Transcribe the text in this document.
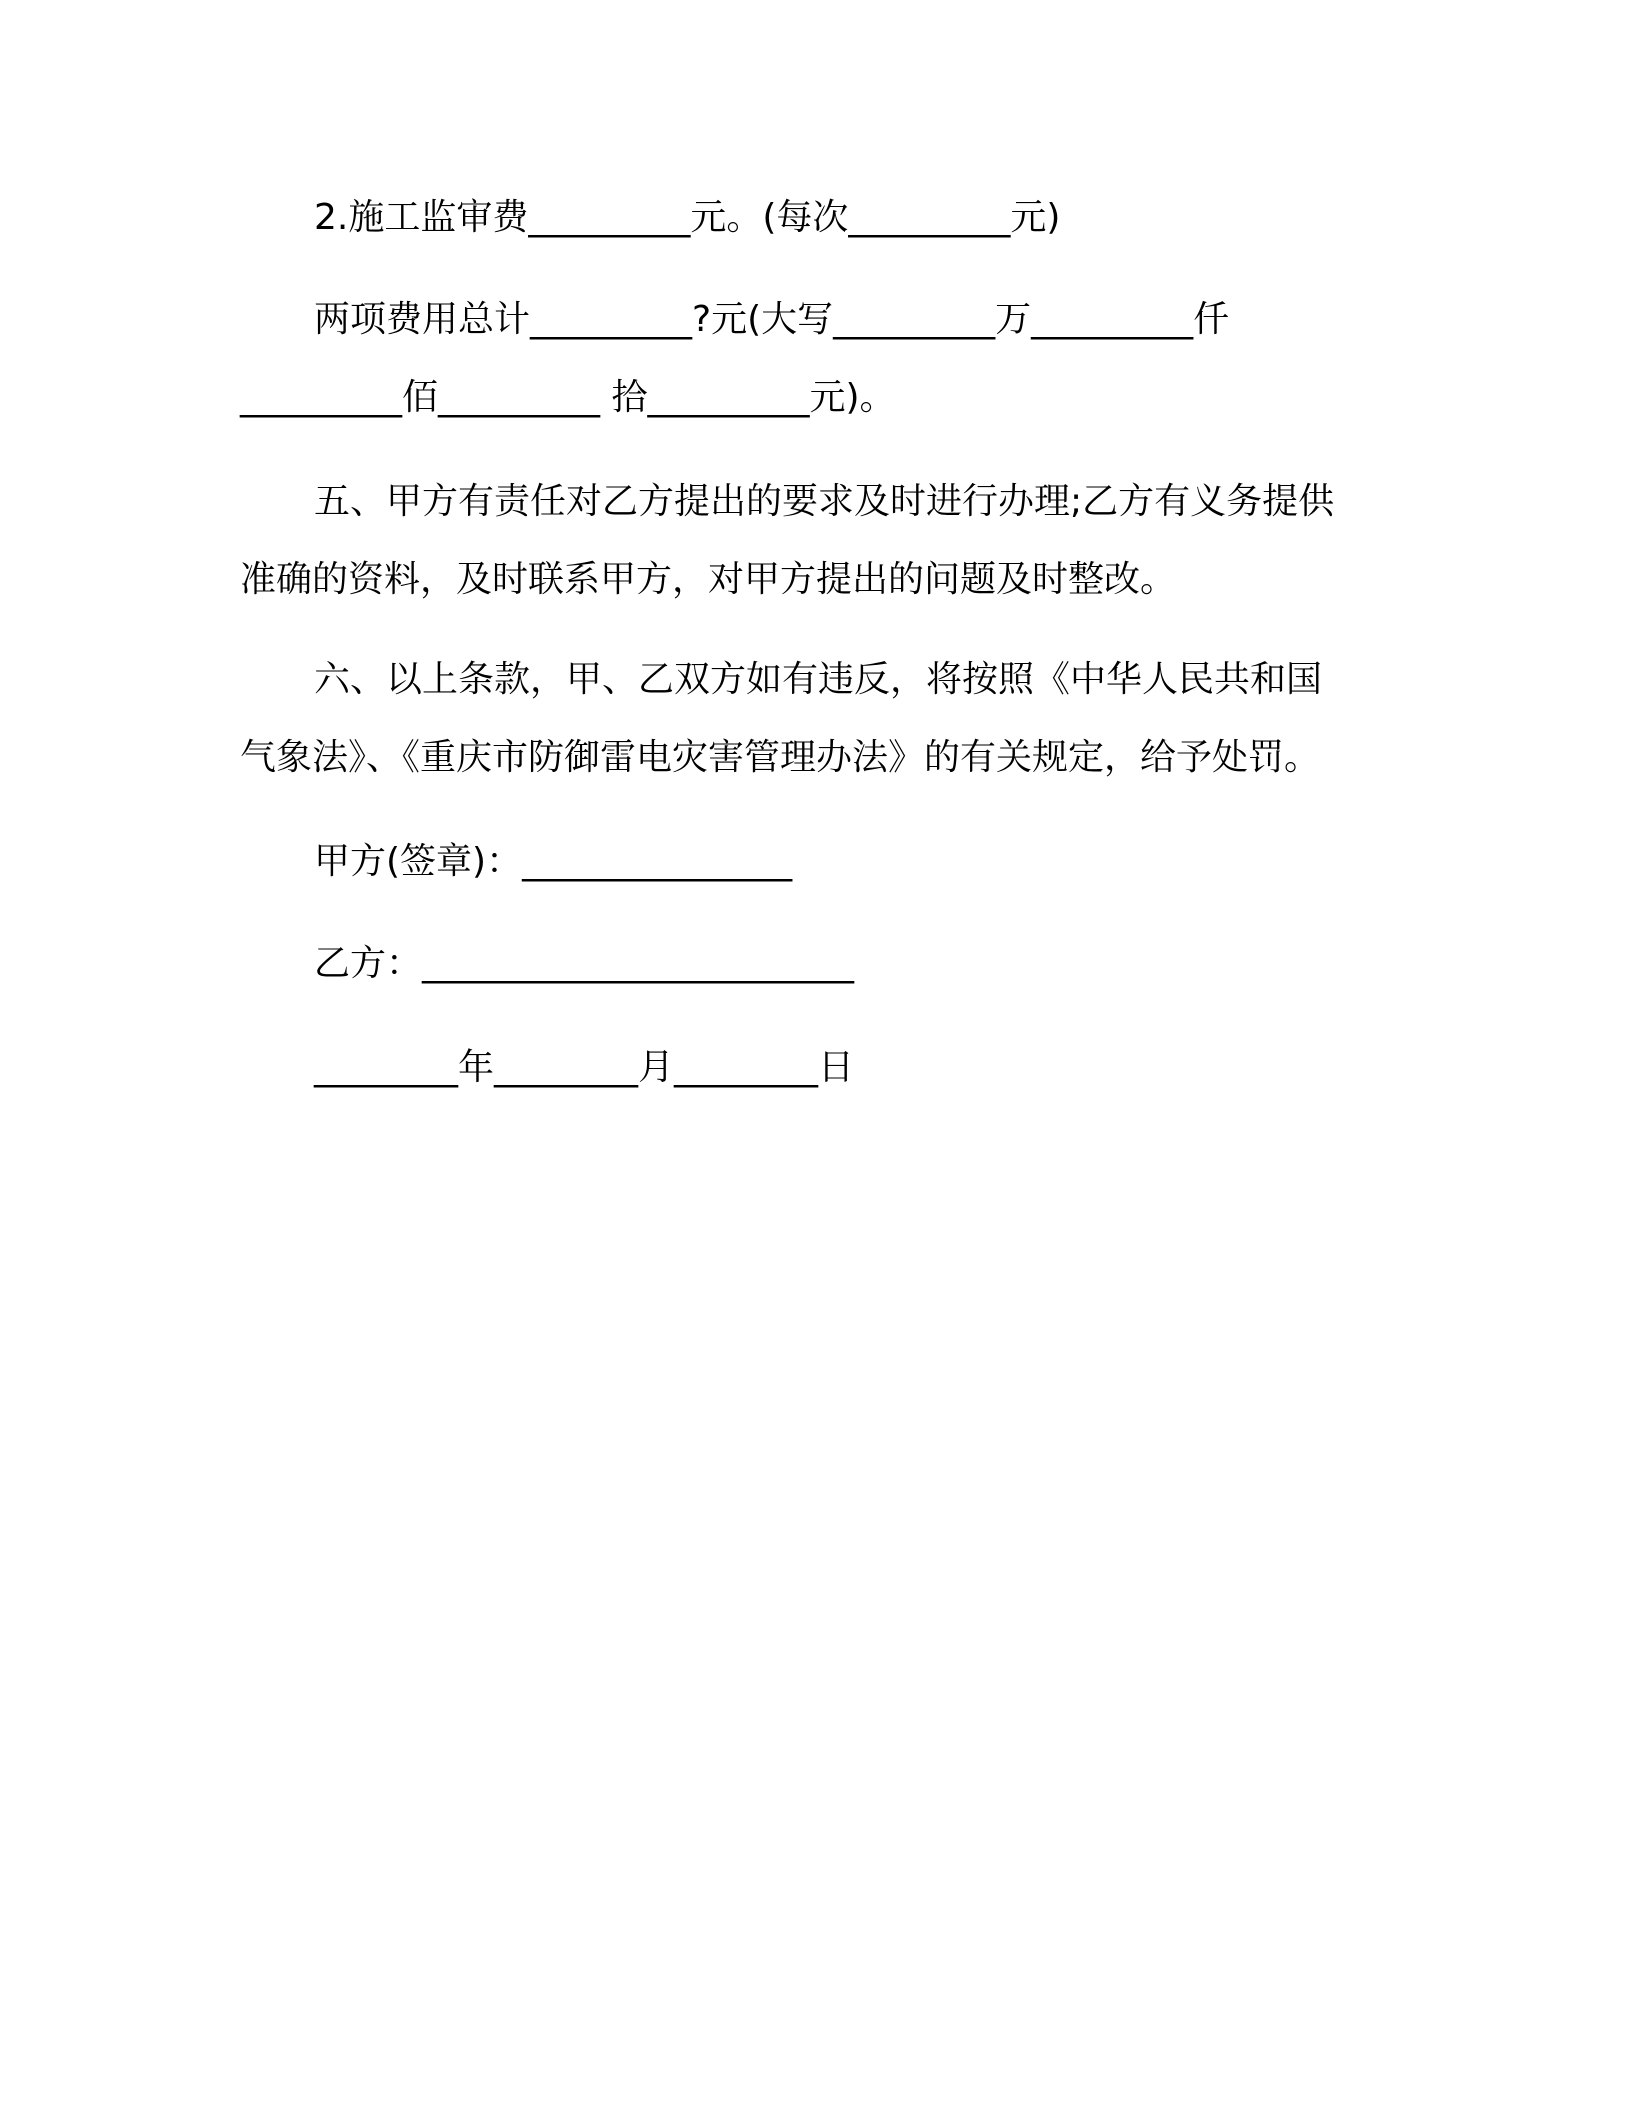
2.施工监审费_________元。(每次_________元)
两项费用总计_________?元(大写_________万_________仟
_________佰_________ 拾_________元)。
五、甲方有责任对乙方提出的要求及时进行办理;乙方有义务提供
准确的资料，及时联系甲方，对甲方提出的问题及时整改。
六、以上条款，甲、乙双方如有违反，将按照《中华人民共和国
气象法》、《重庆市防御雷电灾害管理办法》的有关规定，给予处罚。
甲方(签章)：_______________
乙方：________________________
________年________月________日
